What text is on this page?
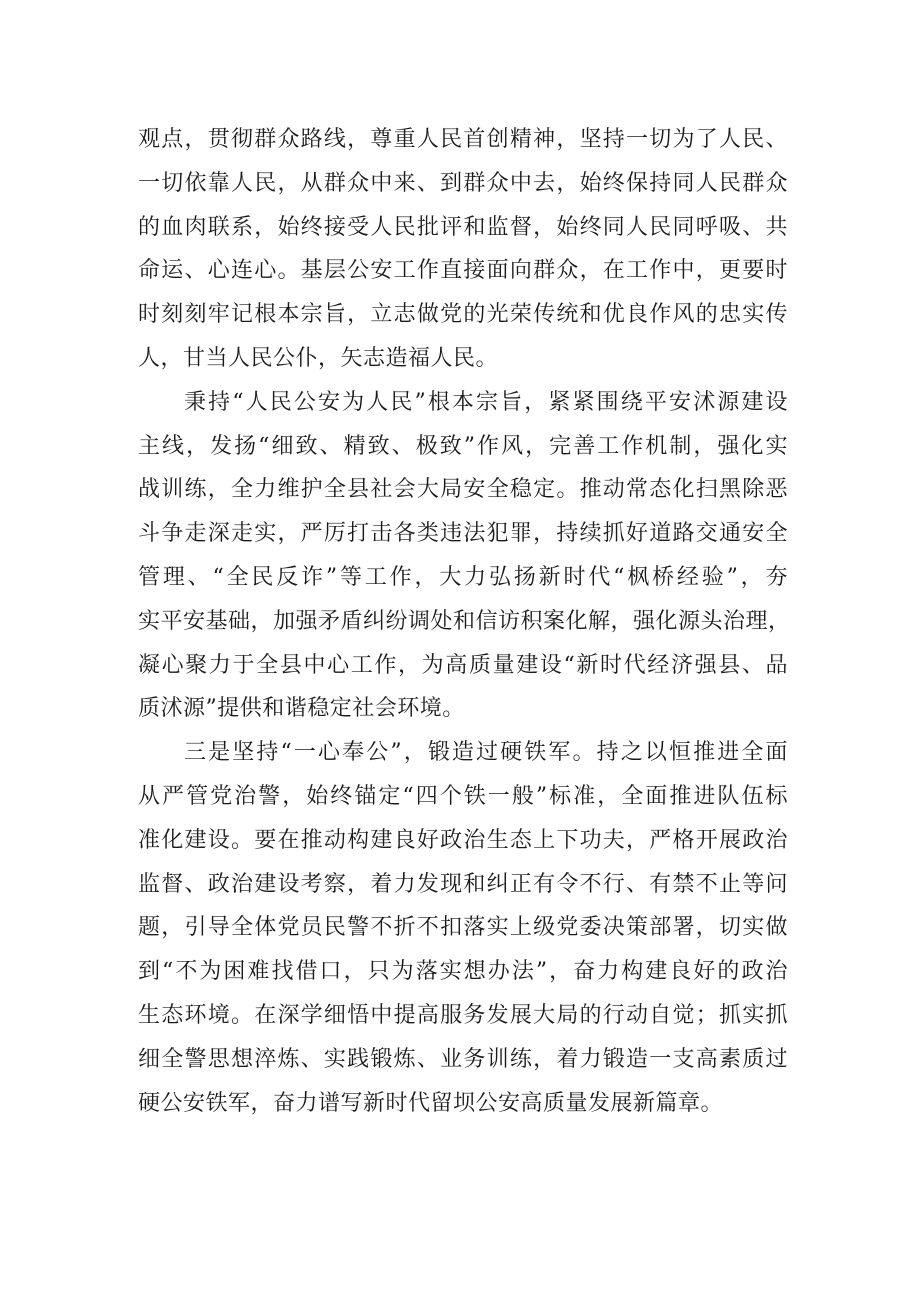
观点，贯彻群众路线，尊重人民首创精神，坚持一切为了人民、
一切依靠人民，从群众中来、到群众中去，始终保持同人民群众
的血肉联系，始终接受人民批评和监督，始终同人民同呼吸、共
命运、心连心。基层公安工作直接面向群众，在工作中，更要时
时刻刻牢记根本宗旨，立志做党的光荣传统和优良作风的忠实传
人，甘当人民公仆，矢志造福人民。
秉持“人民公安为人民”根本宗旨，紧紧围绕平安沭源建设
主线，发扬“细致、精致、极致”作风，完善工作机制，强化实
战训练，全力维护全县社会大局安全稳定。推动常态化扫黑除恶
斗争走深走实，严厉打击各类违法犯罪，持续抓好道路交通安全
管理、“全民反诈”等工作，大力弘扬新时代“枫桥经验”，夯
实平安基础，加强矛盾纠纷调处和信访积案化解，强化源头治理，
凝心聚力于全县中心工作，为高质量建设“新时代经济强县、品
质沭源”提供和谐稳定社会环境。
三是坚持“一心奉公”，锻造过硬铁军。持之以恒推进全面
从严管党治警，始终锚定“四个铁一般”标准，全面推进队伍标
准化建设。要在推动构建良好政治生态上下功夫，严格开展政治
监督、政治建设考察，着力发现和纠正有令不行、有禁不止等问
题，引导全体党员民警不折不扣落实上级党委决策部署，切实做
到“不为困难找借口，只为落实想办法”，奋力构建良好的政治
生态环境。在深学细悟中提高服务发展大局的行动自觉；抓实抓
细全警思想淬炼、实践锻炼、业务训练，着力锻造一支高素质过
硬公安铁军，奋力谱写新时代留坝公安高质量发展新篇章。
